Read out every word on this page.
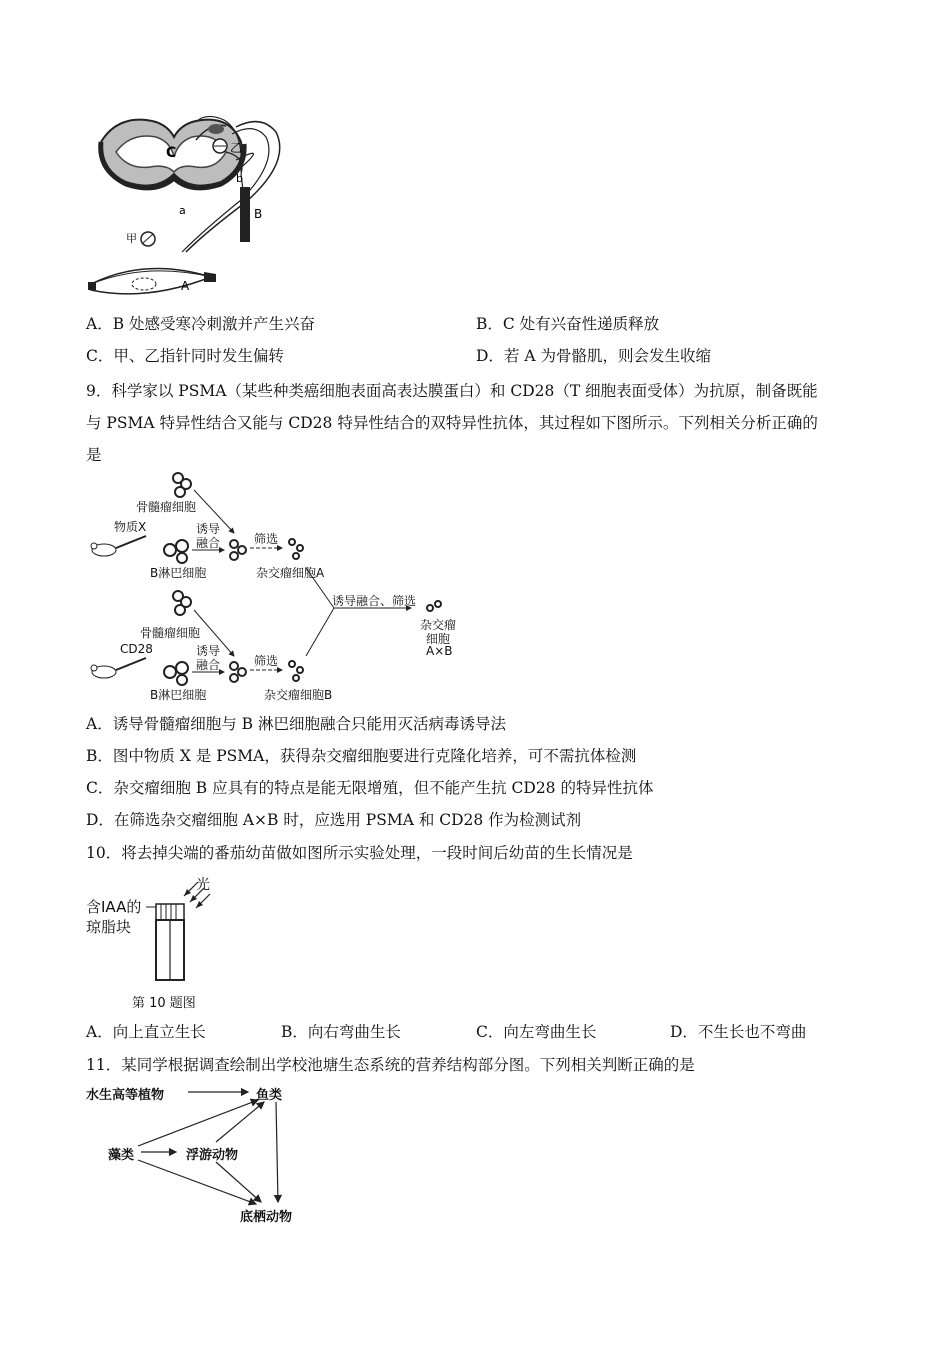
C
a
b
B
乙
甲
A
A．B 处感受寒冷刺激并产生兴奋	B．C 处有兴奋性递质释放
C．甲、乙指针同时发生偏转	D．若 A 为骨骼肌，则会发生收缩
9．科学家以 PSMA（某些种类癌细胞表面高表达膜蛋白）和 CD28（T 细胞表面受体）为抗原，制备既能
与 PSMA 特异性结合又能与 CD28 特异性结合的双特异性抗体，其过程如下图所示。下列相关分析正确的
是
骨髓瘤细胞
物质X	诱导
融合	筛选
B淋巴细胞	杂交瘤细胞A
诱导融合、筛选
杂交瘤
细胞
A×B
骨髓瘤细胞
CD28	诱导
融合	筛选
B淋巴细胞	杂交瘤细胞B
A．诱导骨髓瘤细胞与 B 淋巴细胞融合只能用灭活病毒诱导法
B．图中物质 X 是 PSMA，获得杂交瘤细胞要进行克隆化培养，可不需抗体检测
C．杂交瘤细胞 B 应具有的特点是能无限增殖，但不能产生抗 CD28 的特异性抗体
D．在筛选杂交瘤细胞 A×B 时，应选用 PSMA 和 CD28 作为检测试剂
10．将去掉尖端的番茄幼苗做如图所示实验处理，一段时间后幼苗的生长情况是
光
含IAA的
琼脂块
第 10 题图
A．向上直立生长	B．向右弯曲生长	C．向左弯曲生长	D．不生长也不弯曲
11．某同学根据调查绘制出学校池塘生态系统的营养结构部分图。下列相关判断正确的是
水生高等植物	鱼类
藻类	浮游动物
底栖动物
